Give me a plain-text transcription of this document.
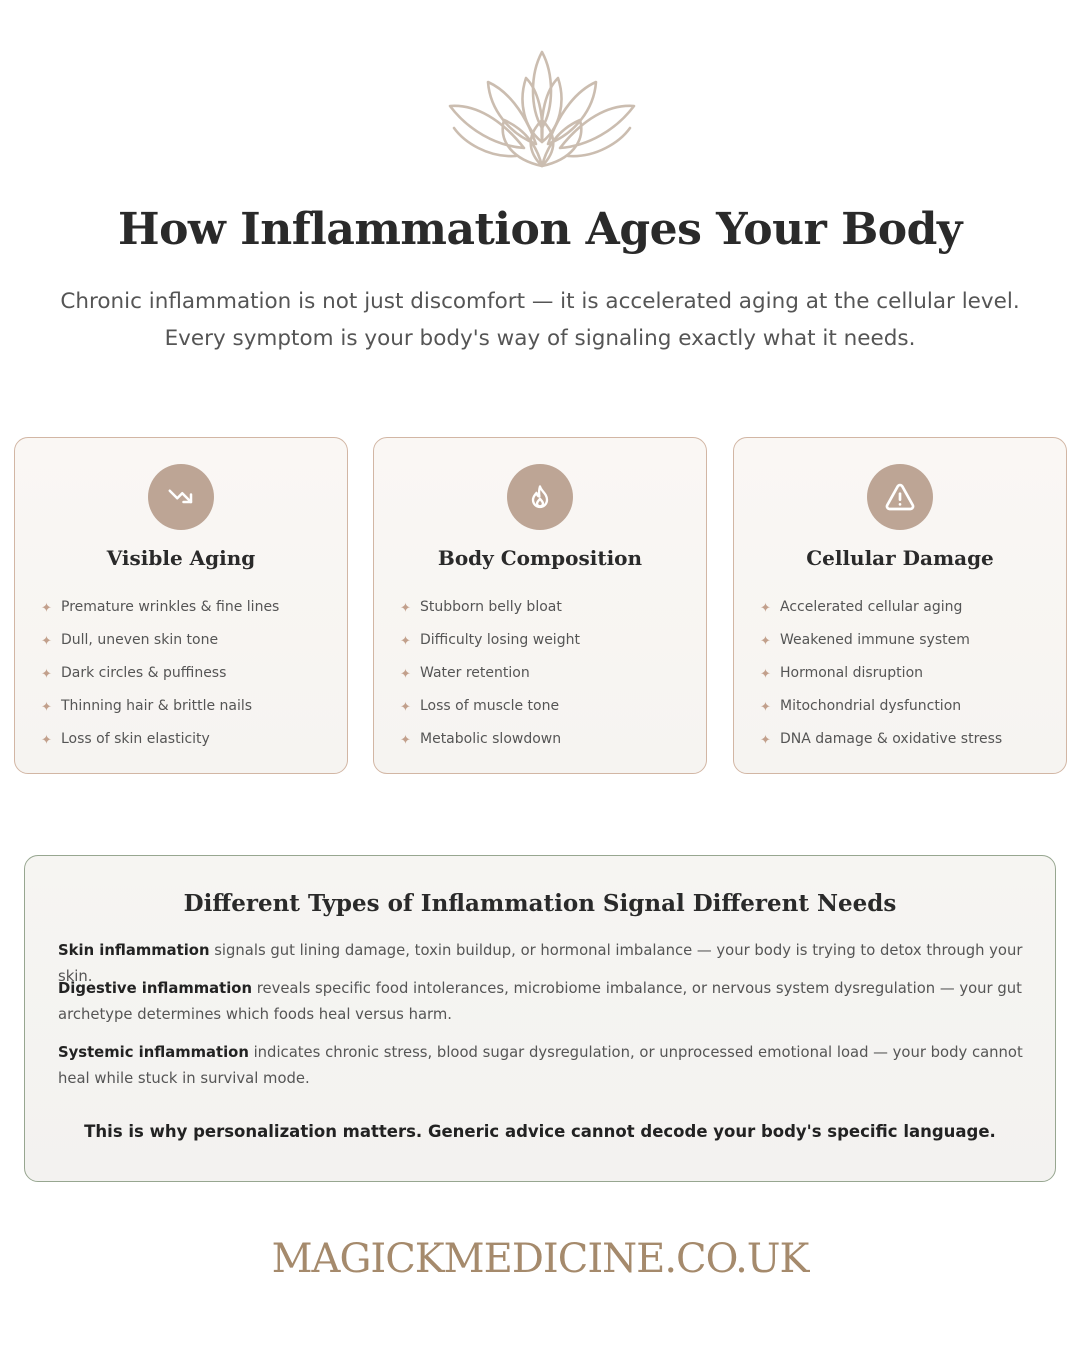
How Inflammation Ages Your Body

Chronic inflammation is not just discomfort — it is accelerated aging at the cellular level. Every symptom is your body's way of signaling exactly what it needs.

Visible Aging
✦ Premature wrinkles & fine lines
✦ Dull, uneven skin tone
✦ Dark circles & puffiness
✦ Thinning hair & brittle nails
✦ Loss of skin elasticity
Body Composition
✦ Stubborn belly bloat
✦ Difficulty losing weight
✦ Water retention
✦ Loss of muscle tone
✦ Metabolic slowdown
Cellular Damage
✦ Accelerated cellular aging
✦ Weakened immune system
✦ Hormonal disruption
✦ Mitochondrial dysfunction
✦ DNA damage & oxidative stress
Different Types of Inflammation Signal Different Needs

Skin inflammation signals gut lining damage, toxin buildup, or hormonal imbalance — your body is trying to detox through your skin.

Digestive inflammation reveals specific food intolerances, microbiome imbalance, or nervous system dysregulation — your gut archetype determines which foods heal versus harm.

Systemic inflammation indicates chronic stress, blood sugar dysregulation, or unprocessed emotional load — your body cannot heal while stuck in survival mode.

This is why personalization matters. Generic advice cannot decode your body's specific language.

MAGICKMEDICINE.CO.UK
